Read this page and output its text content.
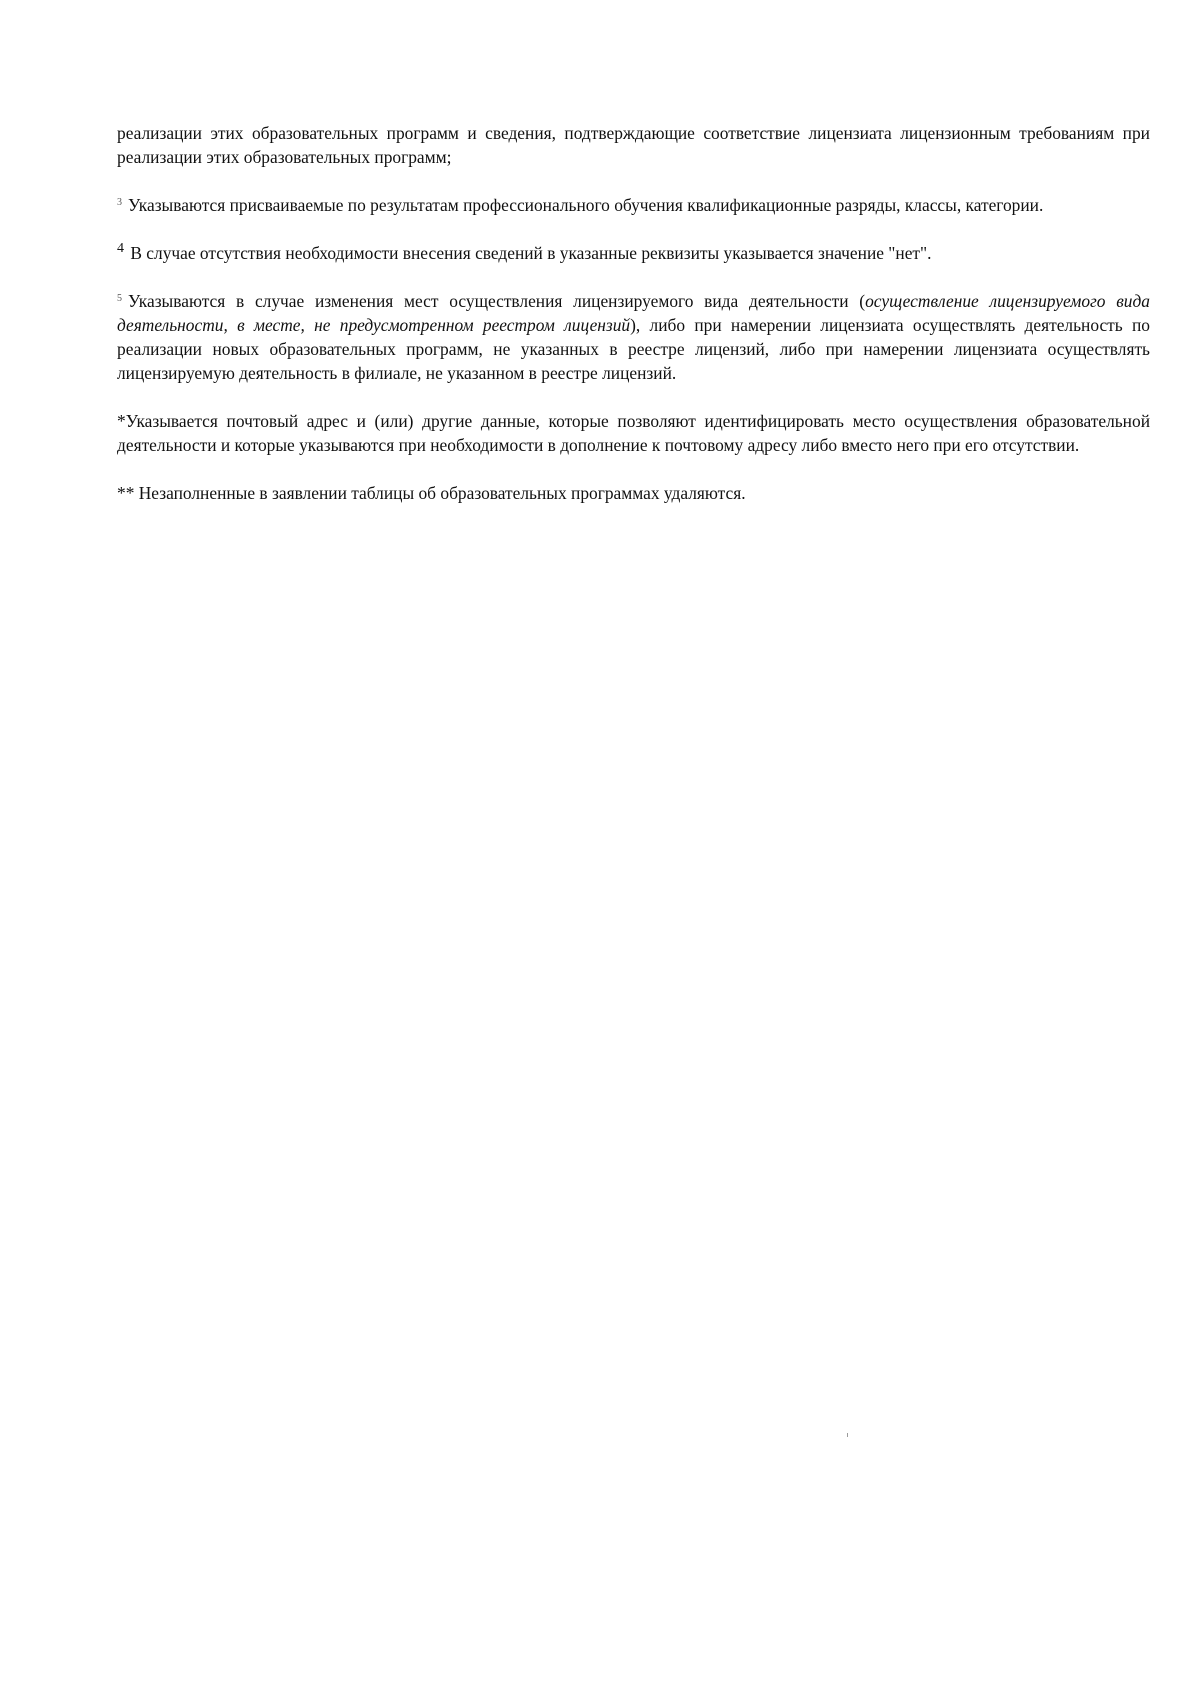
реализации этих образовательных программ и сведения, подтверждающие соответствие лицензиата лицензионным требованиям при реализации этих образовательных программ;

$^3$ Указываются присваиваемые по результатам профессионального обучения квалификационные разряды, классы, категории.

$^4$ В случае отсутствия необходимости внесения сведений в указанные реквизиты указывается значение "нет".

$^5$ Указываются в случае изменения мест осуществления лицензируемого вида деятельности (осуществление лицензируемого вида деятельности, в месте, не предусмотренном реестром лицензий), либо при намерении лицензиата осуществлять деятельность по реализации новых образовательных программ, не указанных в реестре лицензий, либо при намерении лицензиата осуществлять лицензируемую деятельность в филиале, не указанном в реестре лицензий.

*Указывается почтовый адрес и (или) другие данные, которые позволяют идентифицировать место осуществления образовательной деятельности и которые указываются при необходимости в дополнение к почтовому адресу либо вместо него при его отсутствии.

** Незаполненные в заявлении таблицы об образовательных программах удаляются.
